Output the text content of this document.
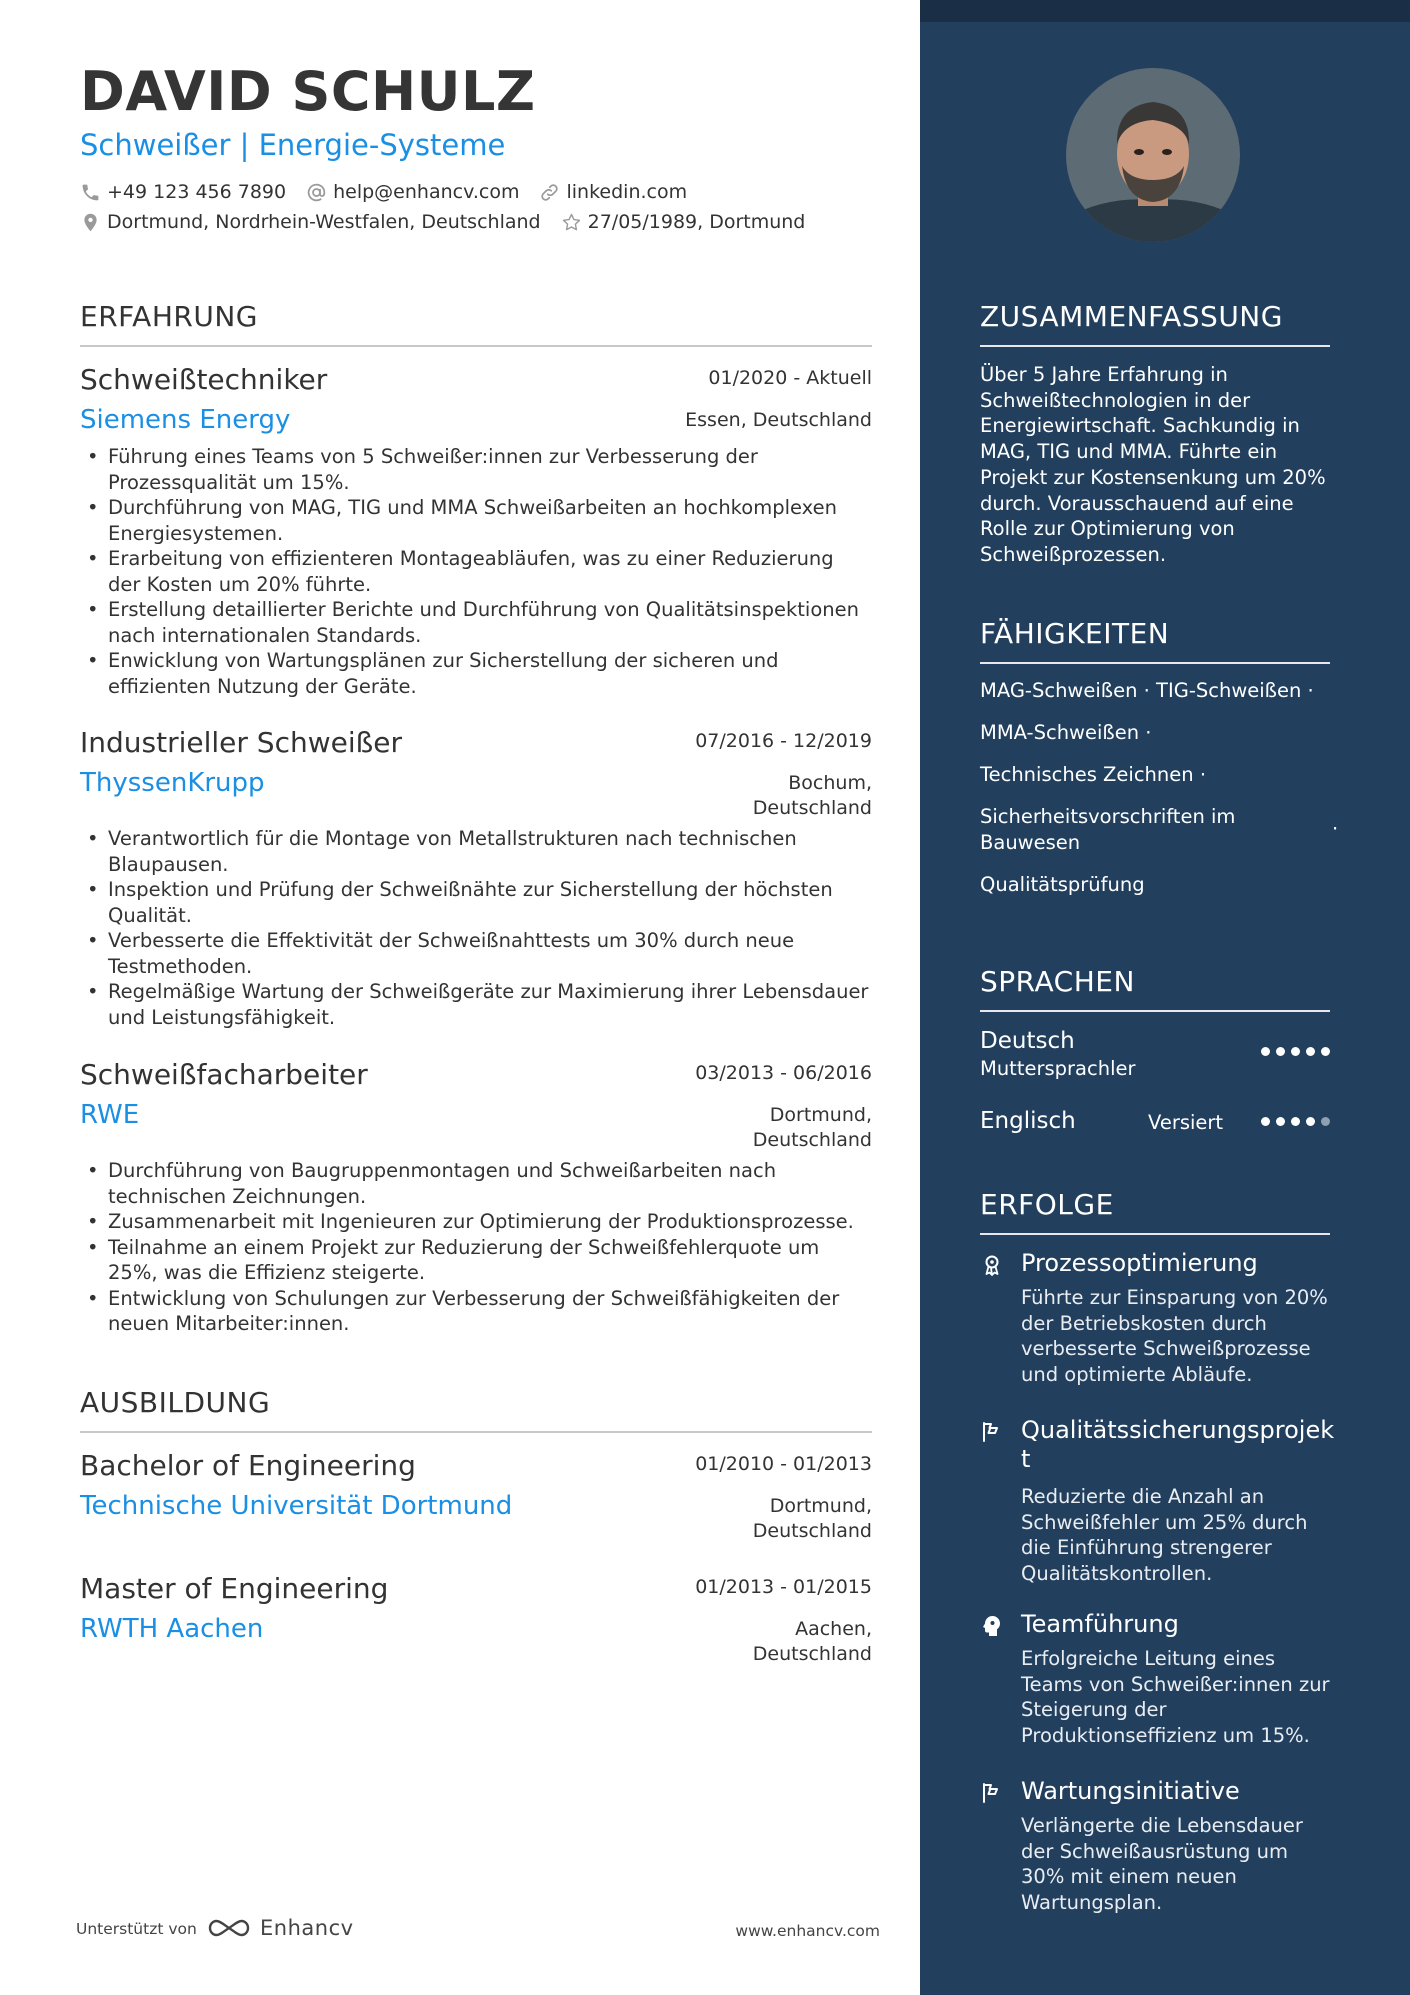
DAVID SCHULZ
Schweißer | Energie-Systeme
+49 123 456 7890 help@enhancv.com linkedin.com
Dortmund, Nordrhein-Westfalen, Deutschland 27/05/1989, Dortmund
ERFAHRUNG
Schweißtechniker	01/2020 - Aktuell
Siemens Energy	Essen, Deutschland
• Führung eines Teams von 5 Schweißer:innen zur Verbesserung der Prozessqualität um 15%.
• Durchführung von MAG, TIG und MMA Schweißarbeiten an hochkomplexen Energiesystemen.
• Erarbeitung von effizienteren Montageabläufen, was zu einer Reduzierung der Kosten um 20% führte.
• Erstellung detaillierter Berichte und Durchführung von Qualitätsinspektionen nach internationalen Standards.
• Enwicklung von Wartungsplänen zur Sicherstellung der sicheren und effizienten Nutzung der Geräte.
Industrieller Schweißer	07/2016 - 12/2019
ThyssenKrupp	Bochum,
Deutschland
• Verantwortlich für die Montage von Metallstrukturen nach technischen Blaupausen.
• Inspektion und Prüfung der Schweißnähte zur Sicherstellung der höchsten Qualität.
• Verbesserte die Effektivität der Schweißnahttests um 30% durch neue Testmethoden.
• Regelmäßige Wartung der Schweißgeräte zur Maximierung ihrer Lebensdauer und Leistungsfähigkeit.
Schweißfacharbeiter	03/2013 - 06/2016
RWE	Dortmund,
Deutschland
• Durchführung von Baugruppenmontagen und Schweißarbeiten nach technischen Zeichnungen.
• Zusammenarbeit mit Ingenieuren zur Optimierung der Produktionsprozesse.
• Teilnahme an einem Projekt zur Reduzierung der Schweißfehlerquote um 25%, was die Effizienz steigerte.
• Entwicklung von Schulungen zur Verbesserung der Schweißfähigkeiten der neuen Mitarbeiter:innen.
AUSBILDUNG
Bachelor of Engineering	01/2010 - 01/2013
Technische Universität Dortmund	Dortmund,
Deutschland
Master of Engineering	01/2013 - 01/2015
RWTH Aachen	Aachen,
Deutschland
Unterstützt von	Enhancv	www.enhancv.com
ZUSAMMENFASSUNG
Über 5 Jahre Erfahrung in Schweißtechnologien in der Energiewirtschaft. Sachkundig in MAG, TIG und MMA. Führte ein Projekt zur Kostensenkung um 20% durch. Vorausschauend auf eine Rolle zur Optimierung von Schweißprozessen.
FÄHIGKEITEN
MAG-Schweißen · TIG-Schweißen ·
MMA-Schweißen ·
Technisches Zeichnen ·
Sicherheitsvorschriften im Bauwesen
·
Qualitätsprüfung
SPRACHEN
Deutsch
Muttersprachler
Englisch	Versiert
ERFOLGE
Prozessoptimierung
Führte zur Einsparung von 20% der Betriebskosten durch verbesserte Schweißprozesse und optimierte Abläufe.
Qualitätssicherungsprojek
t
Reduzierte die Anzahl an Schweißfehler um 25% durch die Einführung strengerer Qualitätskontrollen.
Teamführung
Erfolgreiche Leitung eines Teams von Schweißer:innen zur Steigerung der Produktionseffizienz um 15%.
Wartungsinitiative
Verlängerte die Lebensdauer der Schweißausrüstung um 30% mit einem neuen Wartungsplan.
